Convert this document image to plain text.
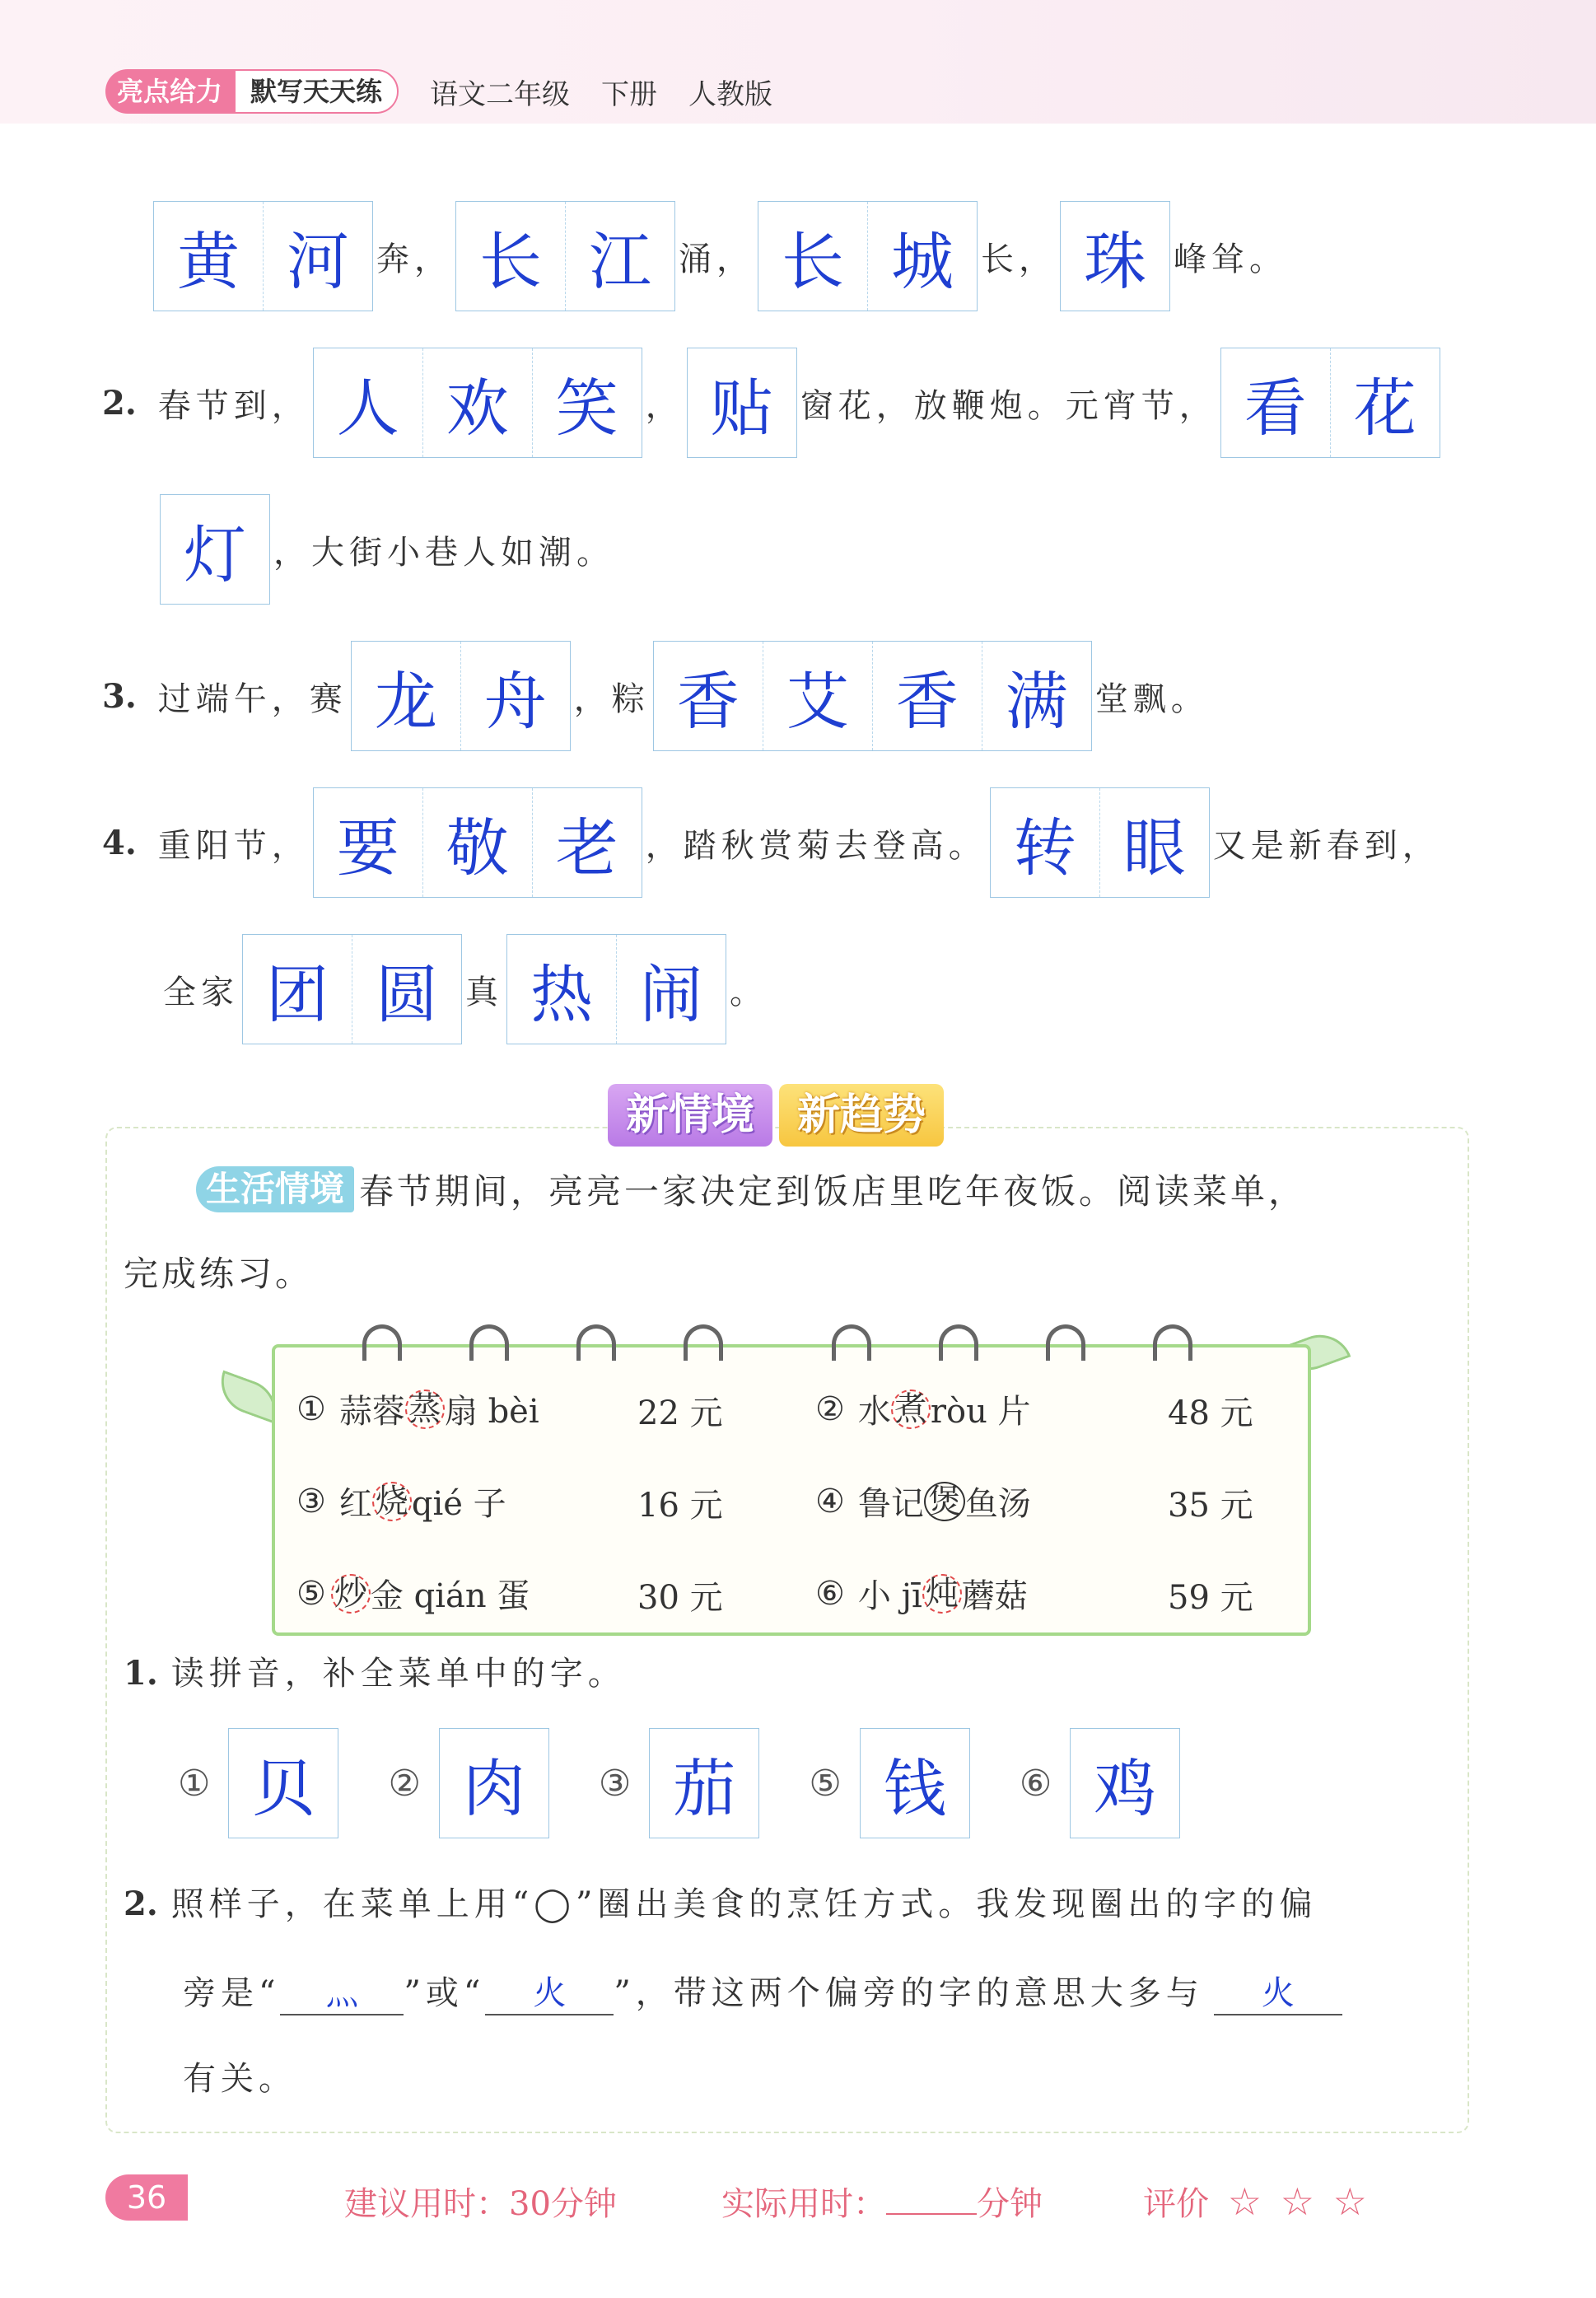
亮点给力	默写天天练	语文二年级 下册 人教版
黄 河 奔， 长 江 涌， 长 城 长， 珠 峰耸。
2. 春节到， 人 欢 笑 ， 贴 窗花，放鞭炮。元宵节， 看 花
灯 ，大街小巷人如潮。
3. 过端午，赛 龙 舟 ，粽 香 艾 香 满 堂飘。
4. 重阳节， 要 敬 老 ，踏秋赏菊去登高。 转 眼 又是新春到，
全家 团 圆 真 热 闹 。
新情境	新趋势
生活情境 春节期间，亮亮一家决定到饭店里吃年夜饭。阅读菜单，
完成练习。
① 蒜蓉 蒸 扇 bèi	22 元	② 水 煮 ròu 片	48 元
③ 红 烧 qié 子	16 元	④ 鲁记 煲 鱼汤	35 元
⑤ 炒 金 qián 蛋	30 元	⑥ 小 jī 炖 蘑菇	59 元
1. 读拼音，补全菜单中的字。
① 贝	② 肉	③ 茄	⑤ 钱	⑥ 鸡
2. 照样子，在菜单上用“◯”圈出美食的烹饪方式。我发现圈出的字的偏
旁是“ 灬 ”或“ 火 ”，带这两个偏旁的字的意思大多与 火
有关。
36	建议用时：30分钟	实际用时：	分钟	评价 ☆ ☆ ☆
